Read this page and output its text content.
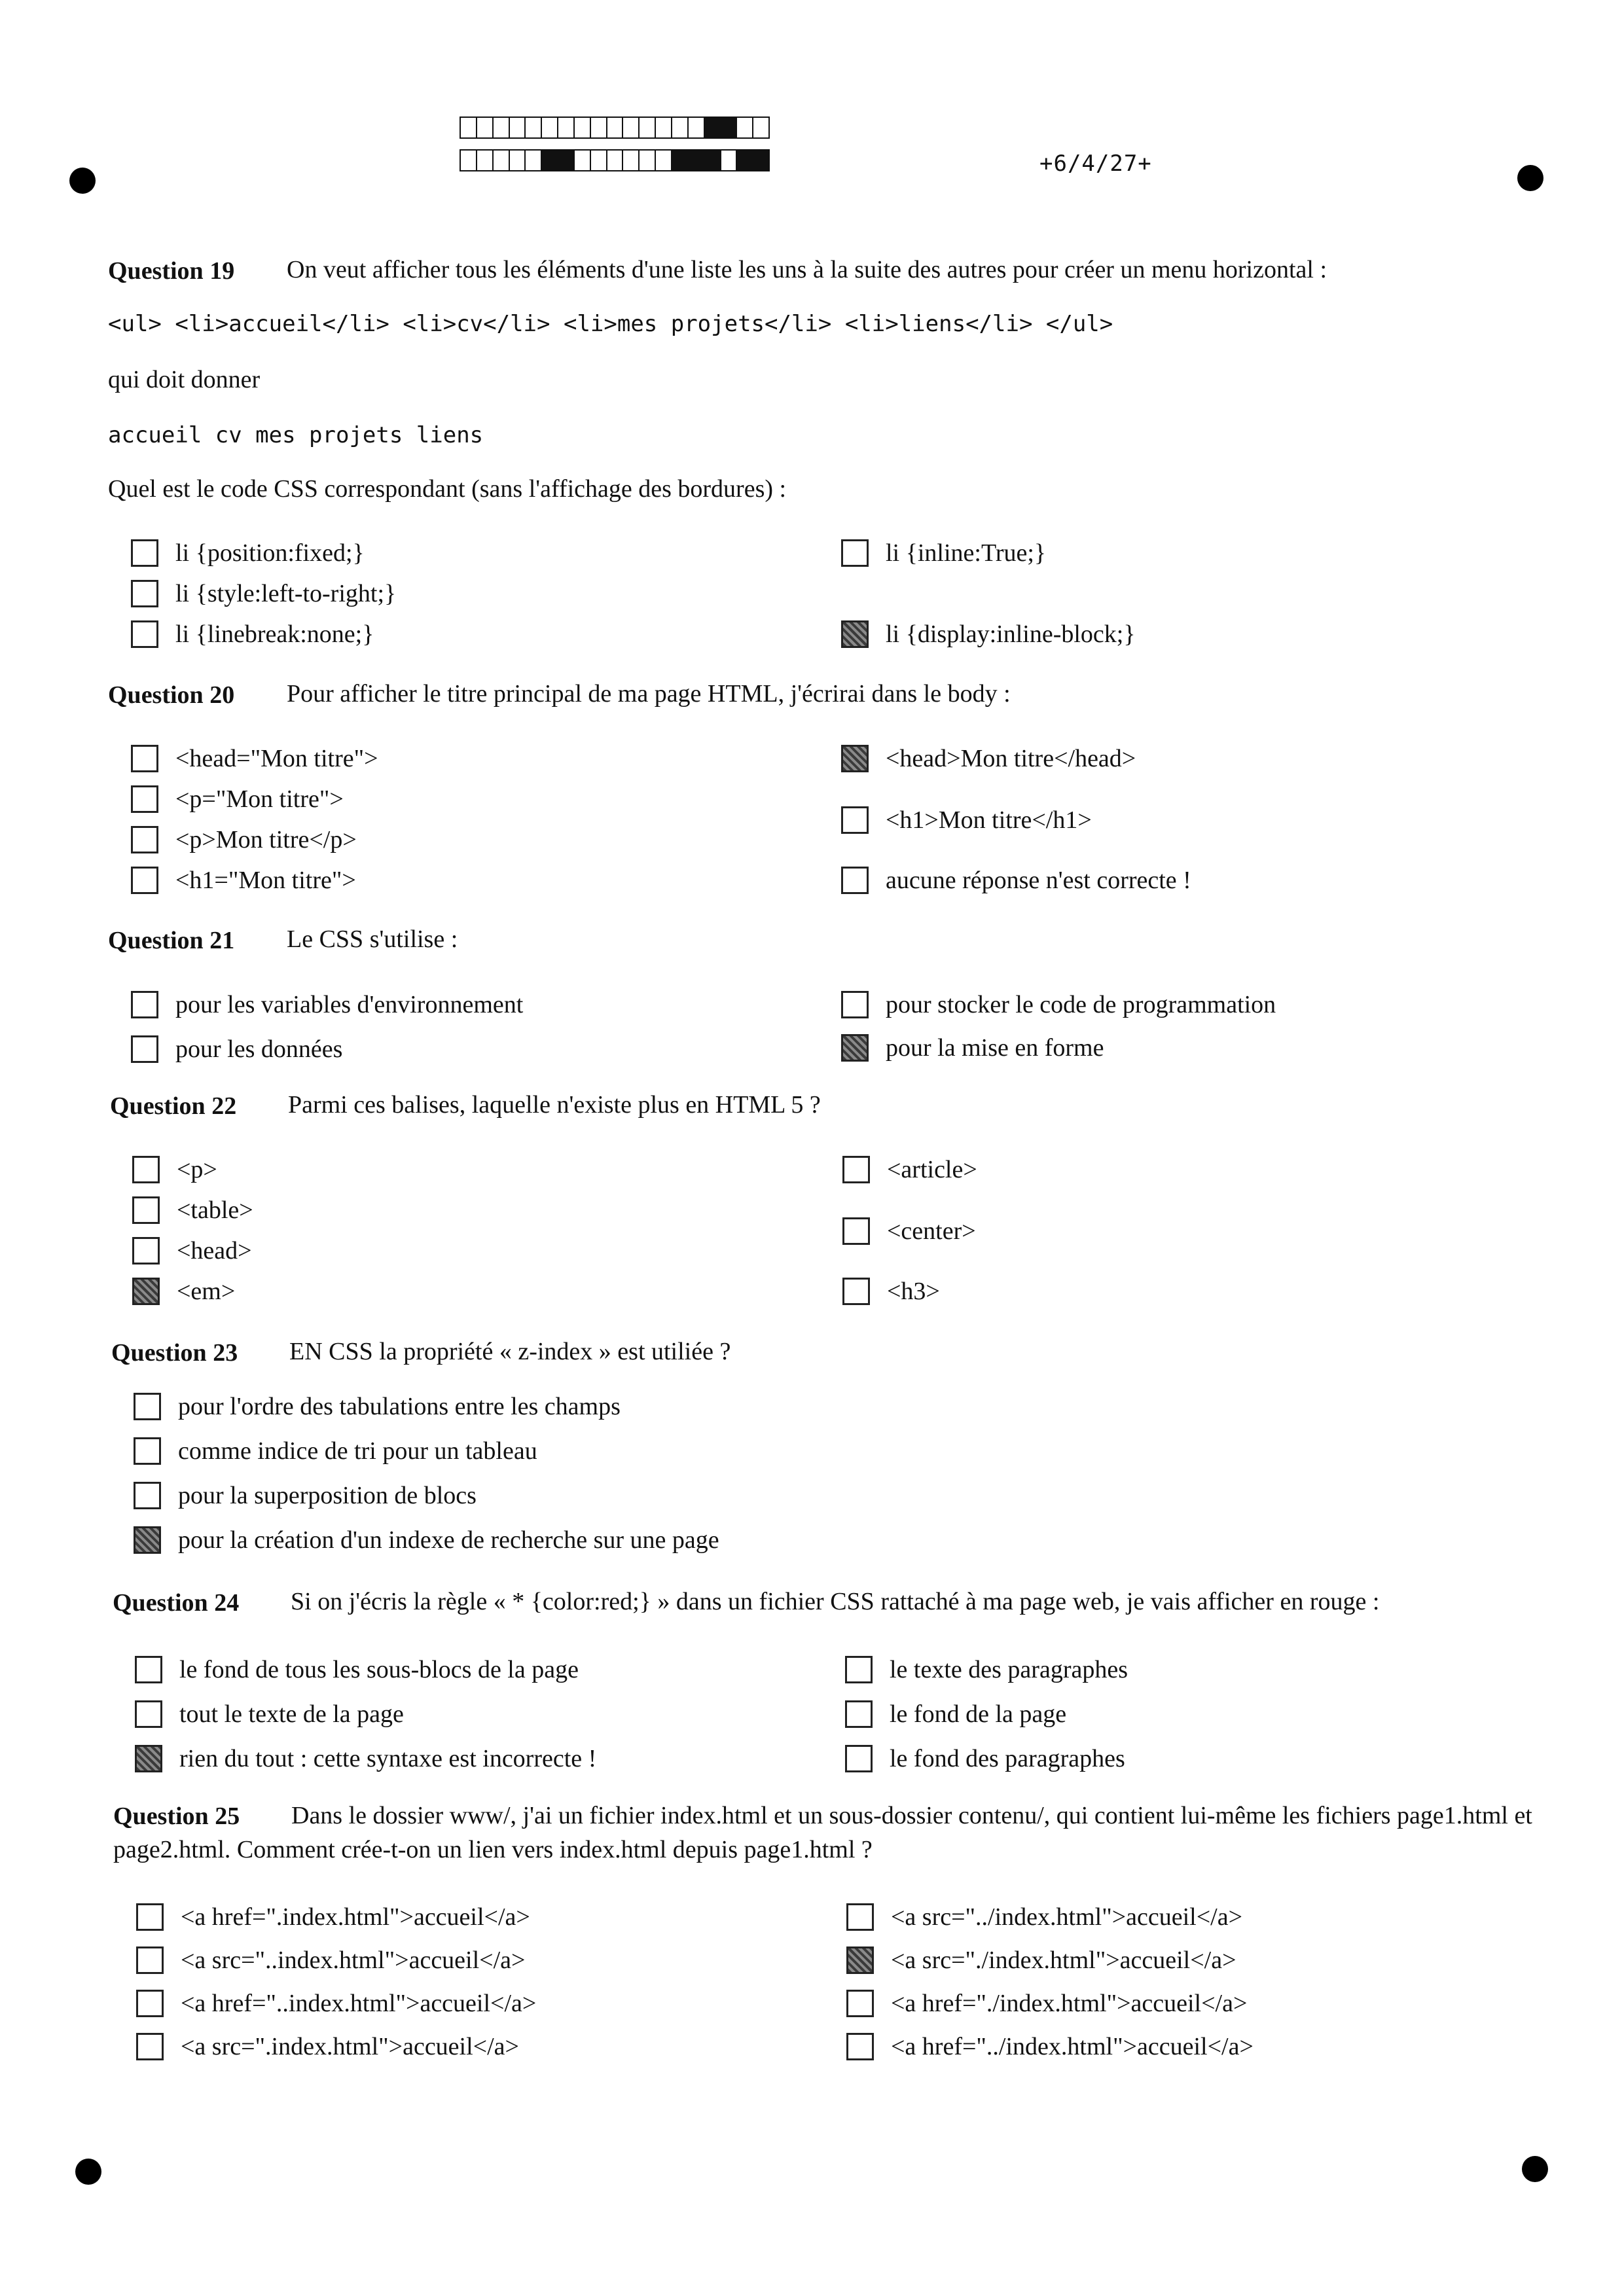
+6/4/27+
Question 19 On veut afficher tous les éléments d'une liste les uns à la suite des autres pour créer un menu horizontal :
<ul> <li>accueil</li> <li>cv</li> <li>mes projets</li> <li>liens</li> </ul>
qui doit donner
accueil cv mes projets liens
Quel est le code CSS correspondant (sans l'affichage des bordures) :
li {position:fixed;}
li {style:left-to-right;}
li {linebreak:none;}
li {inline:True;}
li {display:inline-block;}
Question 20 Pour afficher le titre principal de ma page HTML, j'écrirai dans le body :
<head="Mon titre">
<p="Mon titre">
<p>Mon titre</p>
<h1="Mon titre">
<head>Mon titre</head>
<h1>Mon titre</h1>
aucune réponse n'est correcte !
Question 21 Le CSS s'utilise :
pour les variables d'environnement
pour les données
pour stocker le code de programmation
pour la mise en forme
Question 22 Parmi ces balises, laquelle n'existe plus en HTML 5 ?
<p>
<table>
<head>
<em>
<article>
<center>
<h3>
Question 23 EN CSS la propriété « z-index » est utiliée ?
pour l'ordre des tabulations entre les champs
comme indice de tri pour un tableau
pour la superposition de blocs
pour la création d'un indexe de recherche sur une page
Question 24 Si on j'écris la règle « * {color:red;} » dans un fichier CSS rattaché à ma page web, je vais afficher en rouge :
le fond de tous les sous-blocs de la page
tout le texte de la page
rien du tout : cette syntaxe est incorrecte !
le texte des paragraphes
le fond de la page
le fond des paragraphes
Question 25	Dans le dossier www/, j'ai un fichier index.html et un sous-dossier contenu/, qui contient lui-même les fichiers page1.html et page2.html. Comment crée-t-on un lien vers index.html depuis page1.html ?
<a href=".index.html">accueil</a>
<a src="..index.html">accueil</a>
<a href="..index.html">accueil</a>
<a src=".index.html">accueil</a>
<a src="../index.html">accueil</a>
<a src="./index.html">accueil</a>
<a href="./index.html">accueil</a>
<a href="../index.html">accueil</a>
